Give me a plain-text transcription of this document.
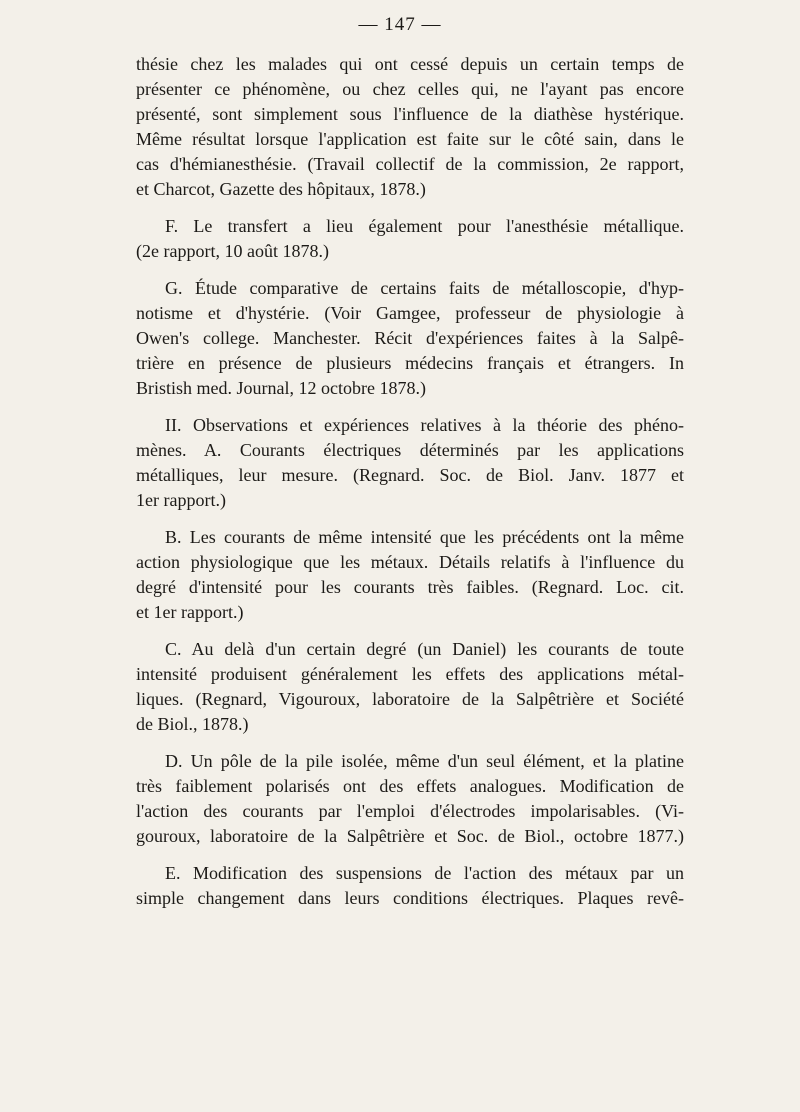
— 147 —
thésie chez les malades qui ont cessé depuis un certain temps de
présenter ce phénomène, ou chez celles qui, ne l'ayant pas encore
présenté, sont simplement sous l'influence de la diathèse hystérique.
Même résultat lorsque l'application est faite sur le côté sain, dans le
cas d'hémianesthésie. (Travail collectif de la commission, 2e rapport,
et Charcot, Gazette des hôpitaux, 1878.)
F. Le transfert a lieu également pour l'anesthésie métallique.
(2e rapport, 10 août 1878.)
G. Étude comparative de certains faits de métalloscopie, d'hyp-
notisme et d'hystérie. (Voir Gamgee, professeur de physiologie à
Owen's college. Manchester. Récit d'expériences faites à la Salpê-
trière en présence de plusieurs médecins français et étrangers. In
Bristish med. Journal, 12 octobre 1878.)
II. Observations et expériences relatives à la théorie des phéno-
mènes. A. Courants électriques déterminés par les applications
métalliques, leur mesure. (Regnard. Soc. de Biol. Janv. 1877 et
1er rapport.)
B. Les courants de même intensité que les précédents ont la même
action physiologique que les métaux. Détails relatifs à l'influence du
degré d'intensité pour les courants très faibles. (Regnard. Loc. cit.
et 1er rapport.)
C. Au delà d'un certain degré (un Daniel) les courants de toute
intensité produisent généralement les effets des applications métal-
liques. (Regnard, Vigouroux, laboratoire de la Salpêtrière et Société
de Biol., 1878.)
D. Un pôle de la pile isolée, même d'un seul élément, et la platine
très faiblement polarisés ont des effets analogues. Modification de
l'action des courants par l'emploi d'électrodes impolarisables. (Vi-
gouroux, laboratoire de la Salpêtrière et Soc. de Biol., octobre 1877.)
E. Modification des suspensions de l'action des métaux par un
simple changement dans leurs conditions électriques. Plaques revê-
